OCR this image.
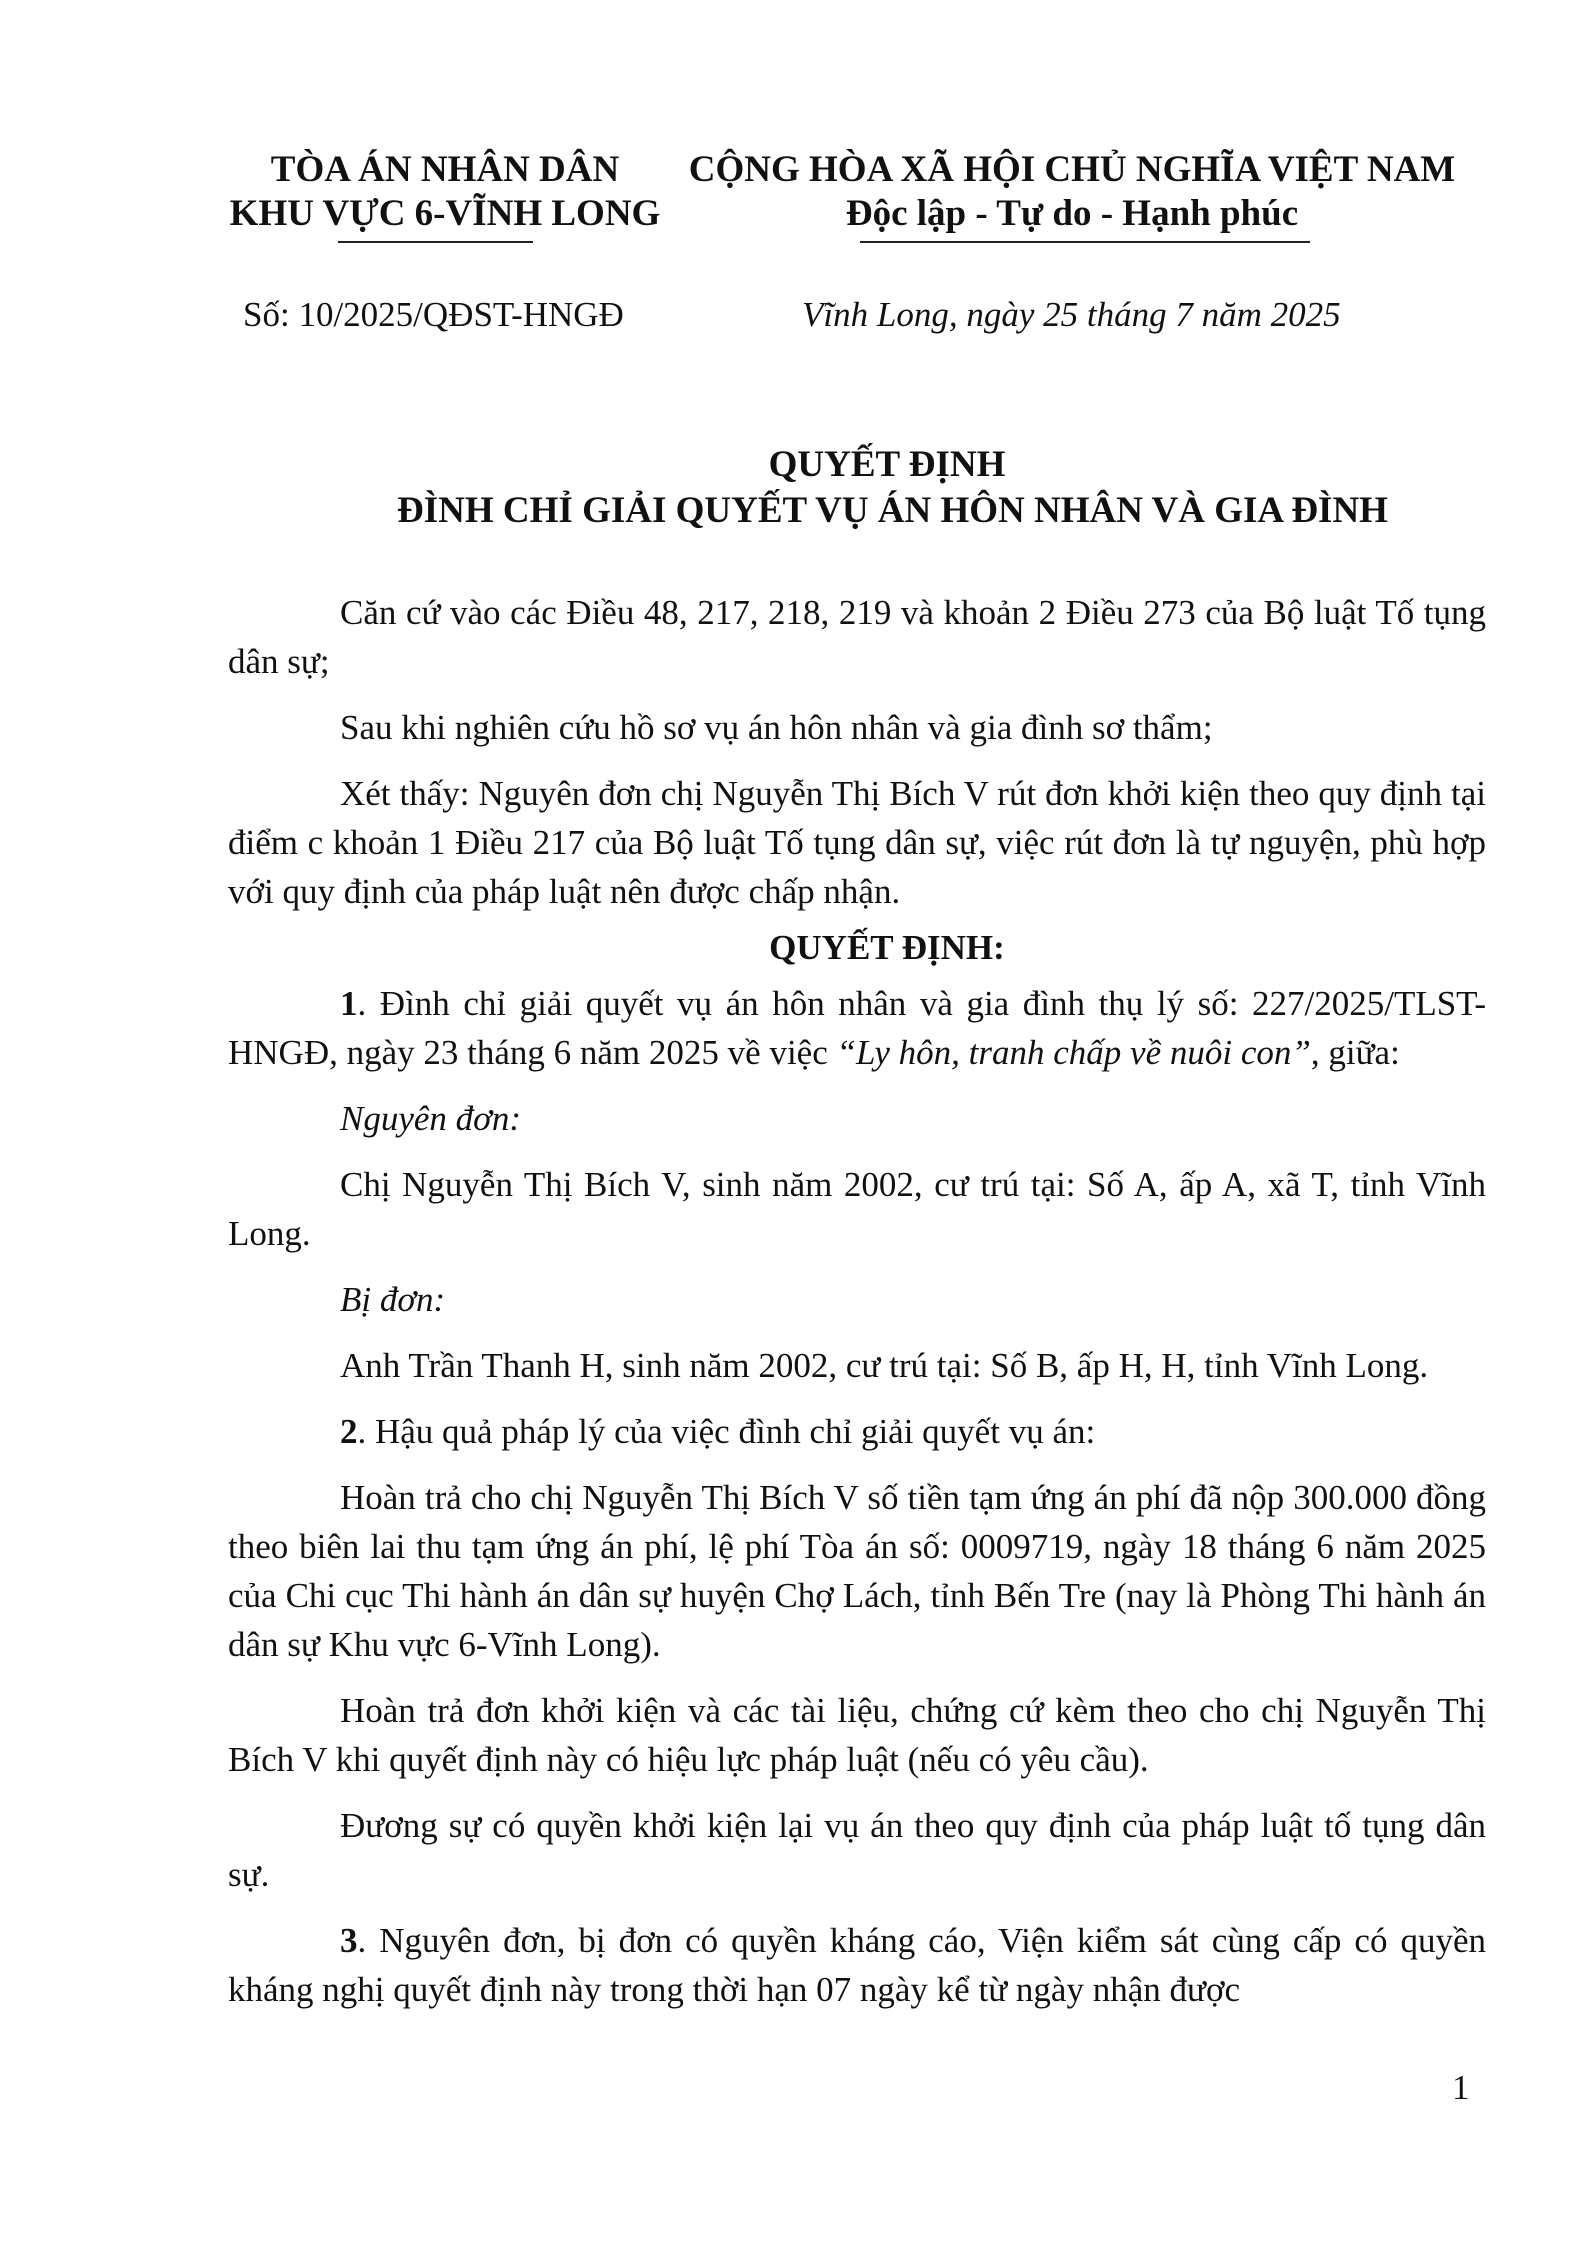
TÒA ÁN NHÂN DÂN
KHU VỰC 6-VĨNH LONG
CỘNG HÒA XÃ HỘI CHỦ NGHĨA VIỆT NAM
Độc lập - Tự do - Hạnh phúc
Số: 10/2025/QĐST-HNGĐ	Vĩnh Long, ngày 25 tháng 7 năm 2025
QUYẾT ĐỊNH
ĐÌNH CHỈ GIẢI QUYẾT VỤ ÁN HÔN NHÂN VÀ GIA ĐÌNH

Căn cứ vào các Điều 48, 217, 218, 219 và khoản 2 Điều 273 của Bộ luật Tố tụng dân sự;

Sau khi nghiên cứu hồ sơ vụ án hôn nhân và gia đình sơ thẩm;

Xét thấy: Nguyên đơn chị Nguyễn Thị Bích V rút đơn khởi kiện theo quy định tại điểm c khoản 1 Điều 217 của Bộ luật Tố tụng dân sự, việc rút đơn là tự nguyện, phù hợp với quy định của pháp luật nên được chấp nhận.

QUYẾT ĐỊNH:

1. Đình chỉ giải quyết vụ án hôn nhân và gia đình thụ lý số: 227/2025/TLST-HNGĐ, ngày 23 tháng 6 năm 2025 về việc “Ly hôn, tranh chấp về nuôi con”, giữa:

Nguyên đơn:

Chị Nguyễn Thị Bích V, sinh năm 2002, cư trú tại: Số A, ấp A, xã T, tỉnh Vĩnh Long.

Bị đơn:

Anh Trần Thanh H, sinh năm 2002, cư trú tại: Số B, ấp H, H, tỉnh Vĩnh Long.

2. Hậu quả pháp lý của việc đình chỉ giải quyết vụ án:

Hoàn trả cho chị Nguyễn Thị Bích V số tiền tạm ứng án phí đã nộp 300.000 đồng theo biên lai thu tạm ứng án phí, lệ phí Tòa án số: 0009719, ngày 18 tháng 6 năm 2025 của Chi cục Thi hành án dân sự huyện Chợ Lách, tỉnh Bến Tre (nay là Phòng Thi hành án dân sự Khu vực 6-Vĩnh Long).

Hoàn trả đơn khởi kiện và các tài liệu, chứng cứ kèm theo cho chị Nguyễn Thị Bích V khi quyết định này có hiệu lực pháp luật (nếu có yêu cầu).

Đương sự có quyền khởi kiện lại vụ án theo quy định của pháp luật tố tụng dân sự.

3. Nguyên đơn, bị đơn có quyền kháng cáo, Viện kiểm sát cùng cấp có quyền kháng nghị quyết định này trong thời hạn 07 ngày kể từ ngày nhận được

1
